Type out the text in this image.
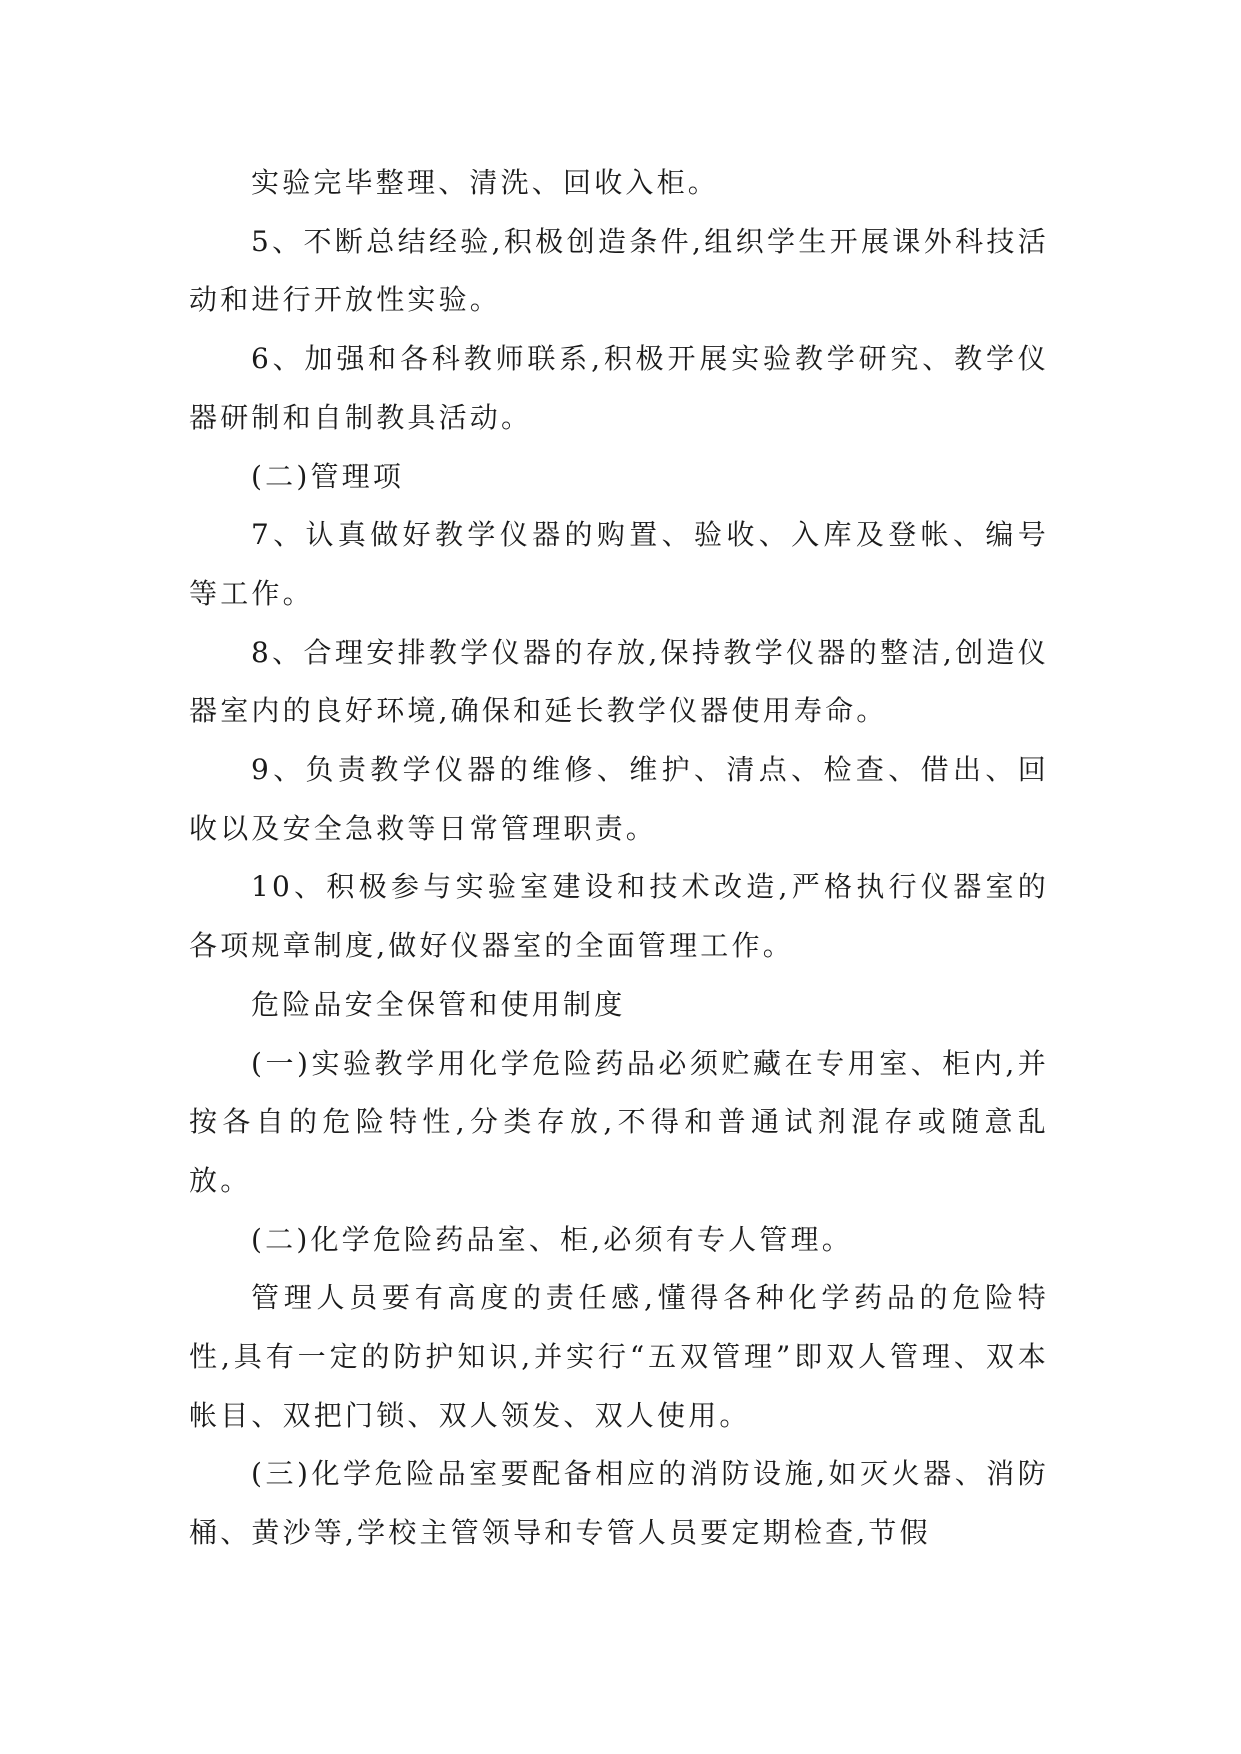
实验完毕整理、清洗、回收入柜。

5、不断总结经验,积极创造条件,组织学生开展课外科技活动和进行开放性实验。

6、加强和各科教师联系,积极开展实验教学研究、教学仪器研制和自制教具活动。

(二)管理项

7、认真做好教学仪器的购置、验收、入库及登帐、编号等工作。

8、合理安排教学仪器的存放,保持教学仪器的整洁,创造仪器室内的良好环境,确保和延长教学仪器使用寿命。

9、负责教学仪器的维修、维护、清点、检查、借出、回收以及安全急救等日常管理职责。

10、积极参与实验室建设和技术改造,严格执行仪器室的各项规章制度,做好仪器室的全面管理工作。

危险品安全保管和使用制度

(一)实验教学用化学危险药品必须贮藏在专用室、柜内,并按各自的危险特性,分类存放,不得和普通试剂混存或随意乱放。

(二)化学危险药品室、柜,必须有专人管理。

管理人员要有高度的责任感,懂得各种化学药品的危险特性,具有一定的防护知识,并实行“五双管理”即双人管理、双本帐目、双把门锁、双人领发、双人使用。

(三)化学危险品室要配备相应的消防设施,如灭火器、消防桶、黄沙等,学校主管领导和专管人员要定期检查,节假
